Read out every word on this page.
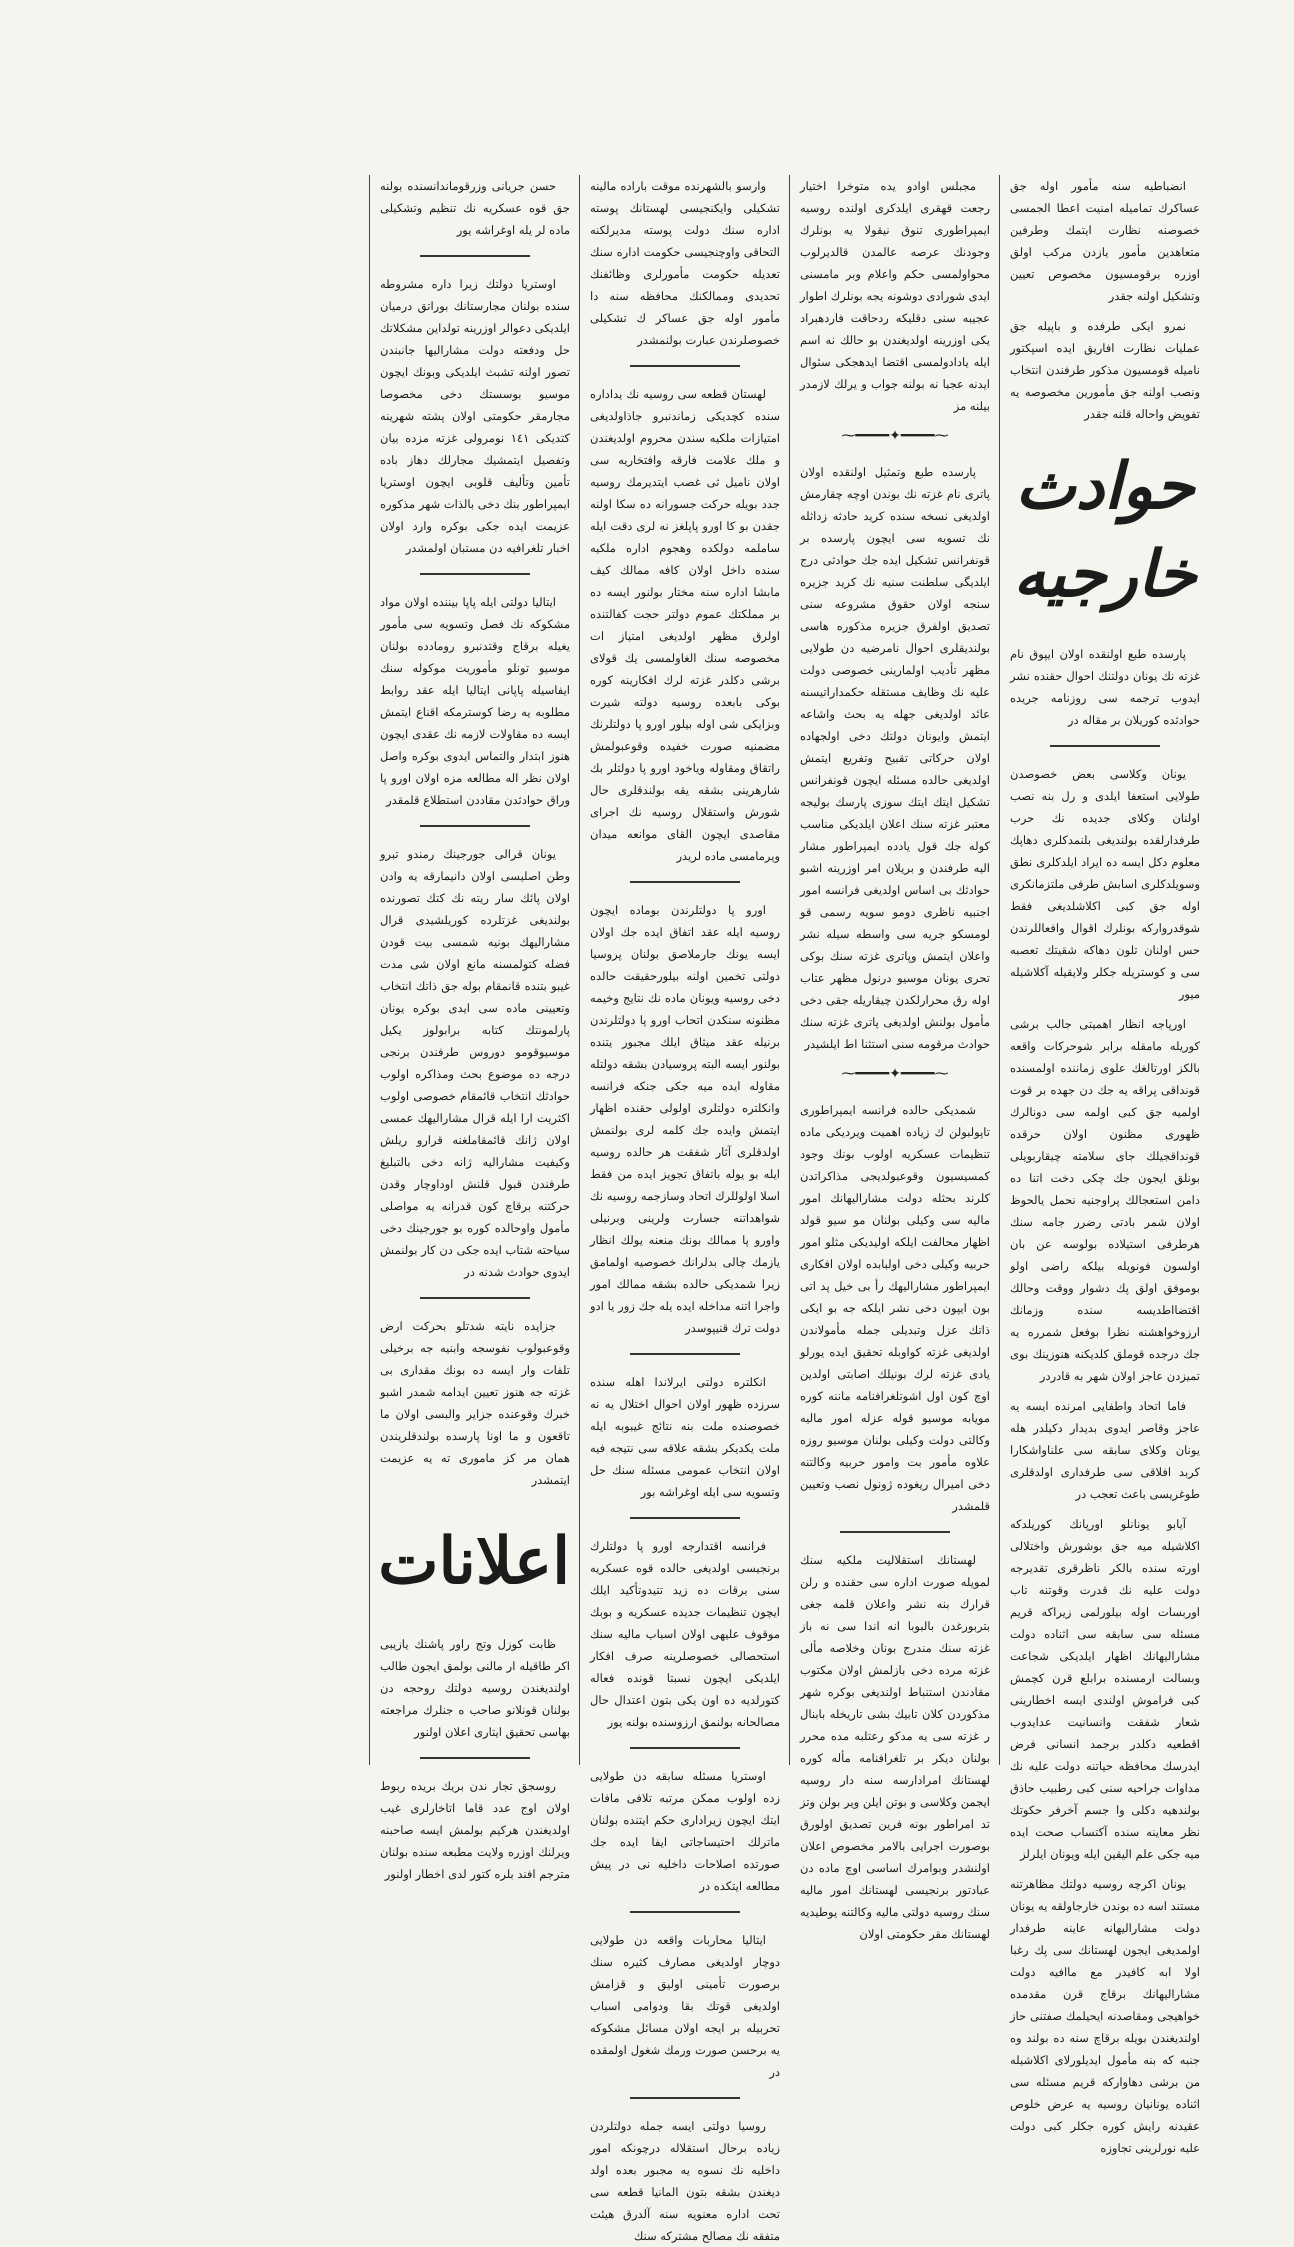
انضباطیه سنه مأمور اوله جق عساکرك تماميله امنيت اعطا الجمسی خصوصنه نظارت ایتمك وطرفين متعاهدين مأمور يازدن مركب اولق اوزره برقومسيون مخصوص تعيين وتشكيل اولنه جقدر

نمرو ايكی طرفده و باپيله جق عمليات نظارت افاريق ايده اسپكتور ناميله قومسيون مذكور طرفندن انتخاب ونصب اولنه جق مأمورين مخصوصه يه تفويض واحاله قلنه جقدر

حوادث خارجيه

پارسده طبع اولنقده اولان ايپوق نام غزته نك يونان دولتنك احوال حقنده نشر ايدوب ترجمه سی روزنامه جريده حوادثده كوريلان بر مقاله در

يونان وكلاسی بعض خصوصدن طولايی استعفا ايلدی و رل بنه نصب اولنان وكلای جديده نك حرب طرفدارلقده بولنديغی بلنمدكلری دهاپك معلوم دكل ايسه ده ايراد ايلدكلری نطق وسويلدكلری اسابش طرفی ملتزمانكری اوله جق كبی اكلاشلديغی فقط شوقدرواركه بونلرك اقوال وافعاللرندن حس اولنان تلون دهاكه شقيتك تعصبه سی و كوستريله جكلر ولايقيله آكلاشيله ميور

اورپاجه انظار اهميتی جالب برشی كوريله مامقله برابر شوحركات واقعه بالكز اورتالغك علوی زماننده اولمسنده قونداقی پراقه يه جك دن جهده بر قوت اولميه جق كبی اولمه سی دونالرك ظهوری مظنون اولان حرقده قونداقجيلك جای سلامته چيقاربويلی بونلق ايجون جك چكی دخت اتنا ده دامن استعجالك پراوجنيه نحمل يالحوظ اولان شمر بادتی رضرر جامه سنك هرطرفی استيلاده بولوسه عن بان اولسون فونويله بيلكه راضی اولو بوموفق اولق پك دشوار ووقت وحالك اقتضااطديسه سنده وزمانك ارزوخواهشنه نظرا بوفعل شمرره يه جك درجده قوملق كلديكنه هنوزينك بوی تميزدن عاجز اولان شهر به قادردر

فاما اتحاد واطفايی امرنده ايسه يه عاجز وقاصر ايدوی بديدار دكيلدر هله يونان وكلای سابقه سی علناواشكارا كربد افلاقی سی طرفداری اولدقلری طوغريسی باعث تعجب در

آيابو يونانلو اورپانك كوريلدكه اكلاشيله ميه جق بوشورش واختلالی اورته سنده بالكر ناظرقری تقديرجه دولت عليه نك قدرت وقوتنه تاب اوربسات اوله بيلورلمی زيراكه قريم مسئله سی سابقه سی اثناده دولت مشاراليهانك اظهار ايلديكی شجاعت وبسالت ارمسنده برابلع قرن كچمش كبی فراموش اولندی ايسه اخطارينی شعار شفقت وانسانيت عدايدوب اقطعيه دكلدر برجمد انسانی فرض ايدرسك محافظه حياتنه دولت عليه نك مداوات جراحيه سنی كبی رطبيب حاذق بولندهيه دكلی وا جسم آخرفر حكوتك نظر معاينه سنده آكتساب صحت ايده ميه جكی علم اليقين ايله ويونان ايلرلز

يونان اكرچه روسيه دولتك مظاهرتنه مستند اسه ده بوندن خارجاولقه يه يونان دولت مشاراليهانه عاينه طرفدار اولمديغی ايجون لهستانك سی پك رغبا اولا ابه كافيدر مع ماافيه دولت مشاراليهانك برقاج قرن مقدمده خواهيجی ومقاصدنه ايحيلمك صفتنی حاز اولنديغندن بويله برقاچ سنه ده بولند وه جنبه كه بنه مأمول ايديلورلای اكلاشيله من برشی دهاواركه قريم مسئله سی اثناده يونانيان روسيه يه عرض خلوص عقيدنه رايش كوره جكلر كبی دولت عليه نورلرينی تجاوزه

مجبلس اوادو يده متوخرا اختيار رجعت قهقری ايلدكری اولنده روسيه ايمپراطوری تنوق نيقولا يه بونلرك وجودنك عرصه عالمدن قالديرلوب محواولمسی حكم واعلام وبر مامسنی ايدی شورادی دوشونه يجه بونلرك اطوار عجيبه سنی دقليكه ردحاقت فاردهبراد يكی اوزرينه اولديغندن بو حالك نه اسم ايله يادادولمسی اقتضا ايدهجكی سئوال ايدنه عجبا نه بولنه جواب و يرلك لازمدر بيلنه مز

⁓━━━━✦━━━━⁓

پارسده طبع وتمثيل اولنقده اولان پاتری نام غزته نك بوندن اوچه چقارمش اولديغی نسخه سنده كريد حادثه زداثله نك تسويه سی ايچون پارسده بر قونفرانس تشكيل ايده جك حوادثی درج ايلديگی سلطنت سنيه نك كريد جزيره سنجه اولان حقوق مشروعه سنی تصديق اولفرق جزيره مذكوره هاسی بولنديقلری احوال نامرضيه دن طولايی مظهر تأديب اولمارينی خصوصی دولت عليه نك وظايف مستقله حكمداراتيسنه عائد اولديغی جهله يه بحث واشاعه ايتمش وايونان دولتك دخی اولجهاده اولان حركاتی تقبيح وتفريع ايتمش اولديغی حالده مسئله ايچون قونفرانس تشكيل ايتك ايتك سوزی پارسك بوليجه معتبر غزته سنك اعلان ايلديكی مناسب كوله جك قول يادده ايمپراطور مشار اليه طرفندن و بريلان امر اوزرينه اشبو حوادثك بی اساس اولديغی فرانسه امور اجنبيه ناظری دومو سويه رسمی قو لومسكو جريه سی واسطه سيله نشر واعلان ايتمش وپاتری غزته سنك بوكی تحری يونان موسيو درنول مظهر عتاب اوله رق محرارلكدن چيقاريله جقی دخی مأمول بولنش اولديغی پاتری غزته سنك حوادث مرقومه سنی استثنا اط ايلشيدر

⁓━━━━✦━━━━⁓

شمديكی حالده فرانسه ايمپراطوری تاپولبولن ك زياده اهميت ويرديكی ماده تنظيمات عسكريه اولوب بونك وجود كمسيسيون وقوعبولديجی مذاكراتدن كلرند بحثله دولت مشاراليهانك امور ماليه سی وكيلی بولنان مو سيو قولد اظهار محالفت ايلكه اوليديكی مثلو امور حربيه وكيلی دخی اولبابده اولان افكاری ايمپراطور مشاراليهك رأ بی خيل پد اتی بون ایپون دخی نشر ايلكه جه بو ايكی ذاتك عزل وتبديلی جمله مأمولاندن اولديغی غزته كواوبله تحقيق ايده يورلو يادی غزته لرك بونيلك اصابتی اولدين اوچ كون اول اشوتلغرافنامه ماننه كوره مويابه موسيو قوله عزله امور ماليه وكالتی دولت وكيلی بولنان موسيو روزه علاوه مأمور بت وامور حربيه وكالتنه دخی اميرال ريغوده ژونول نصب وتعيين قلمشدر

لهستانك استقلاليت ملكيه سنك لمويله صورت اداره سی حقنده و رلن قرارك بنه نشر واعلان قلمه جغی بتربورغدن بالبوبا انه اندا سی نه باز غزته سنك مندرج بونان وخلاصه مألی غزته مرده دخی بازلمش اولان مكتوب مقادندن استنباط اولنديغی بوكره شهر مذكوردن كلان تابيك بشی تاريخله بابنال ر غزته سی يه مدكو رعتلبه مده محرر بولنان ديكر بر تلغرافنامه مأله كوره لهستانك امرادارسه سنه دار روسيه ايجمن وكلاسی و بوتن ايلن وير بولن وتز تد امراطور بونه فرين تصديق اولورق بوصورت اجرايی بالامر مخصوص اعلان اولنشدر وبوامرك اساسی اوچ ماده دن عبادتور برنجيسی لهستانك امور ماليه سنك روسيه دولتی ماليه وكالتنه يوطيديه لهستانك مقر حكومتی اولان

وارسو بالشهرنده موقت باراده مالينه تشكيلی وايكنجيسی لهستانك پوسته اداره سنك دولت پوسته مديرلكنه التحاقی واوچنجيسی حكومت اداره سنك تعديله حكومت مأمورلری وظائفنك تحديدی وممالكنك محافظه سنه دا مأمور اوله جق عساكر ك تشكيلی خصوصلرندن عبارت بولنمشدر

لهستان قطعه سی روسيه نك يداداره سنده كچديكی زماندنبرو جاذاولديغی امتيازات ملكيه سندن محروم اولديغندن و ملك علامت فارقه وافتخاريه سی اولان ناميل ثی غصب ايتديرمك روسيه جدد بويله حركت جسورانه ده سكا اولنه جقدن بو كا اورو پاپلغز نه لری دقت ايله ساملمه دولكده وهجوم اداره ملكيه سنده داخل اولان كافه ممالك كيف مابشا اداره سنه مختار بولنور ايسه ده بر مملكتك عموم دولتر حجت كفالتنده اولرق مظهر اولديغی امتياز ات مخصوصه سنك الغاولمسی يك قولای برشی دكلدر غزته لرك افكارينه كوره بوكی بابعده روسيه دولته شيرت وبزايكی شی اوله بيلور اورو پا دولتلرنك مضمنيه صورت خفيده وقوعبولمش راتقاق ومقاوله وياخود اورو پا دولتلر بك شارهرينی بشقه يقه بولندقلری حال شورش واستقلال روسيه نك اجرای مقاصدی ايچون القای موانعه ميدان ويرمامسی ماده لريدر

اورو پا دولتلرندن بوماده ايچون روسيه ايله عقد اتفاق ايده جك اولان ايسه يونك جارملاصق بولنان پروسيا دولتی تخمين اولنه بيلورحقيقت حالده دخی روسيه ويونان ماده نك نتايج وخيمه مظنونه سنكدن اتحاب اورو پا دولتلرندن برنيله عقد ميثاق ايلك مجبور يتنده بولنور ايسه البته پروسيادن بشقه دولتله مقاوله ايده ميه جكی جنكه فرانسه وانكلتره دولتلری اولولی حقنده اظهار ايتمش وايده جك كلمه لری بولنمش اولدقلری آثار شفقت هر حالده روسيه ايله بو يوله باتفاق تجويز ايده من فقط اسلا اولوللرك اتحاد وسازجمه روسيه نك شواهداتنه جسارت ولرينی وبرنيلی واورو پا ممالك بونك منعنه يولك انظار يازمك چالی بدلرانك خصوصيه اولمامق زيرا شمديكی حالده بشقه ممالك امور واجرا اتنه مداخله ايده يله جك زور يا ادو دولت ترك قنيپوسدر

انكلتره دولتی ايرلاندا اهله سنده سرزده ظهور اولان احوال اختلال يه نه خصوصنده ملت بنه نتائج غيبوبه ايله ملت يكديكر بشقه علاقه سی نتيجه فيه اولان انتخاب عمومی مسئله سنك حل وتسويه سی ايله اوغراشه بور

فرانسه اقتدارجه اورو پا دولتلرك برنجيسی اولديغی حالده قوه عسكريه سنی برقات ده زيد تتيدوتأكيد ايلك ايچون تنظيمات جديده عسكريه و بوبك موقوف عليهی اولان اسباب ماليه سنك استحصالی خصوصلرينه صرف افكار ايلديكی ايچون نسبتا قونده فعاله كتورلديه ده اون يكی بتون اعتدال حال مصالحانه بولنمق ارزوسنده بولنه يور

اوستريا مسئله سابقه دن طولايی زده اولوب ممكن مرتبه تلافی مافات ايتك ايچون زيراداری حكم ايتنده بولنان ماترلك احتيساجاتی ايفا ايده جك صورتده اصلاحات داخليه نی در پيش مطالعه ايتكده در

ايتاليا محاربات واقعه دن طولايی دوچار اولديغی مصارف كثيره سنك برصورت تأمينی اوليق و قزامش اولديغی قوتك بقا ودوامی اسباب تحربيله بر ايجه اولان مسائل مشكوكه يه برحسن صورت ورمك شغول اولمقده در

روسيا دولتی ايسه جمله دولتلردن زياده برحال استقلاله درچونكه امور داخليه نك نسوه يه مجبور بعده اولد ديغندن بشقه بتون المانيا قطعه سی تحت اداره معنويه سنه آلدرق هيئت متفقه نك مصالح مشتركه سنك

حسن جريانی وزرقوماندانسنده بولنه جق قوه عسكريه نك تنظيم وتشكيلی ماده لر يله اوغراشه يور

اوستريا دولتك زيرا داره مشروطه سنده بولنان مجارستانك بوراتق درميان ايلديكی دعوالر اوزرينه تولداين مشكلاتك حل ودفعته دولت مشاراليها جانبندن تصور اولنه تشبث ايلديكی وبونك ايچون موسيو بوسستك دخی مخصوصا مجارمقر حكومتی اولان پشته شهرينه كتديكی ١٤١ نومرولی غزته مزده بيان وتفصيل ايتمشيك مجارلك دهاز باده تأمين وتأليف قلوبی ايچون اوستريا ايمپراطور بنك دخی بالذات شهر مذكوره عزيمت ايده جكی بوكره وارد اولان اخبار تلغرافيه دن مستبان اولمشدر

ايتاليا دولتی ايله پاپا بيننده اولان مواد مشكوكه نك فصل وتسويه سی مأمور يغيله برقاج وقتدنبرو رومادده بولنان موسيو تونلو مأموريت موكوله سنك ايفاسيله پاپانی ايتاليا ايله عقد روابط مطلوبه يه رضا كوسترمكه اقناع ايتمش ايسه ده مقاولات لازمه نك عقدی ايچون هنوز ابتدار والتماس ايدوی بوكره واصل اولان نظر اله مطالعه مزه اولان اورو پا وراق حوادثدن مقاددن استطلاع قلمقدر

يونان قرالی جورجينك رمندو تبرو وطن اصليسی اولان دانيمارقه يه وادن اولان پائك سار ريته نك كتك تصورنده بولنديغی غزتلرده كوريلشيدی قرال مشاراليهك بونيه شمسی بيت قودن فضله كتولمسنه مانع اولان شی مدت غيبو بتنده قانمقام بوله جق ذاتك انتخاب وتعيينی ماده سی ايدی بوكره يونان پارلمونتك كتابه برابولوز يكيل موسيوقومو دوروس طرفندن برنجی درجه ده موضوع بحث ومذاكره اولوب حوادثك انتخاب قائمقام خصوصی اولوب اكثريت ارا ايله قرال مشاراليهك عمسی اولان ژانك قائمقاملغنه قرارو ريلش وكيفيت مشاراليه ژانه دخی بالتبليغ طرفندن قبول قلنش اوداوچار وقدن حركتنه برقاچ كون قدرانه يه مواصلی مأمول واوحالده كوره بو جورجينك دخی سياحته شتاب ايده جكی دن كار بولنمش ايدوی حوادث شدنه در

جزايده نايته شدتلو بحركت ارض وقوعبولوب نفوسجه وابنيه جه برخيلی تلفات وار ايسه ده بونك مقداری بی غزته جه هنوز تعيين ايدامه شمدر اشبو خبرك وقوعنده جزاير والبسی اولان ما تاقعون و ما اونا پارسده بولندقلريندن همان مر كز ماموری ته يه عزيمت ايتمشدر

اعلانات

ظابت كوزل وتج راور پاشنك يازيبی اكر طاقيله ار مالنی بولمق ايجون طالب اولنديغندن روسيه دولتك روحجه دن بولنان قونلانو صاحب ه جنلرك مراجعته بهاسی تحقيق ايتاری اعلان اولنور

روسجق تجار ندن بريك بريده ربوط اولان اوج عدد قاما اتاخارلری غيب اولديغندن هركيم بولمش ايسه صاحبنه ويرلنك اوزره ولايت مطبعه سنده بولنان مترجم افند بلره كتور لدی اخطار اولنور
